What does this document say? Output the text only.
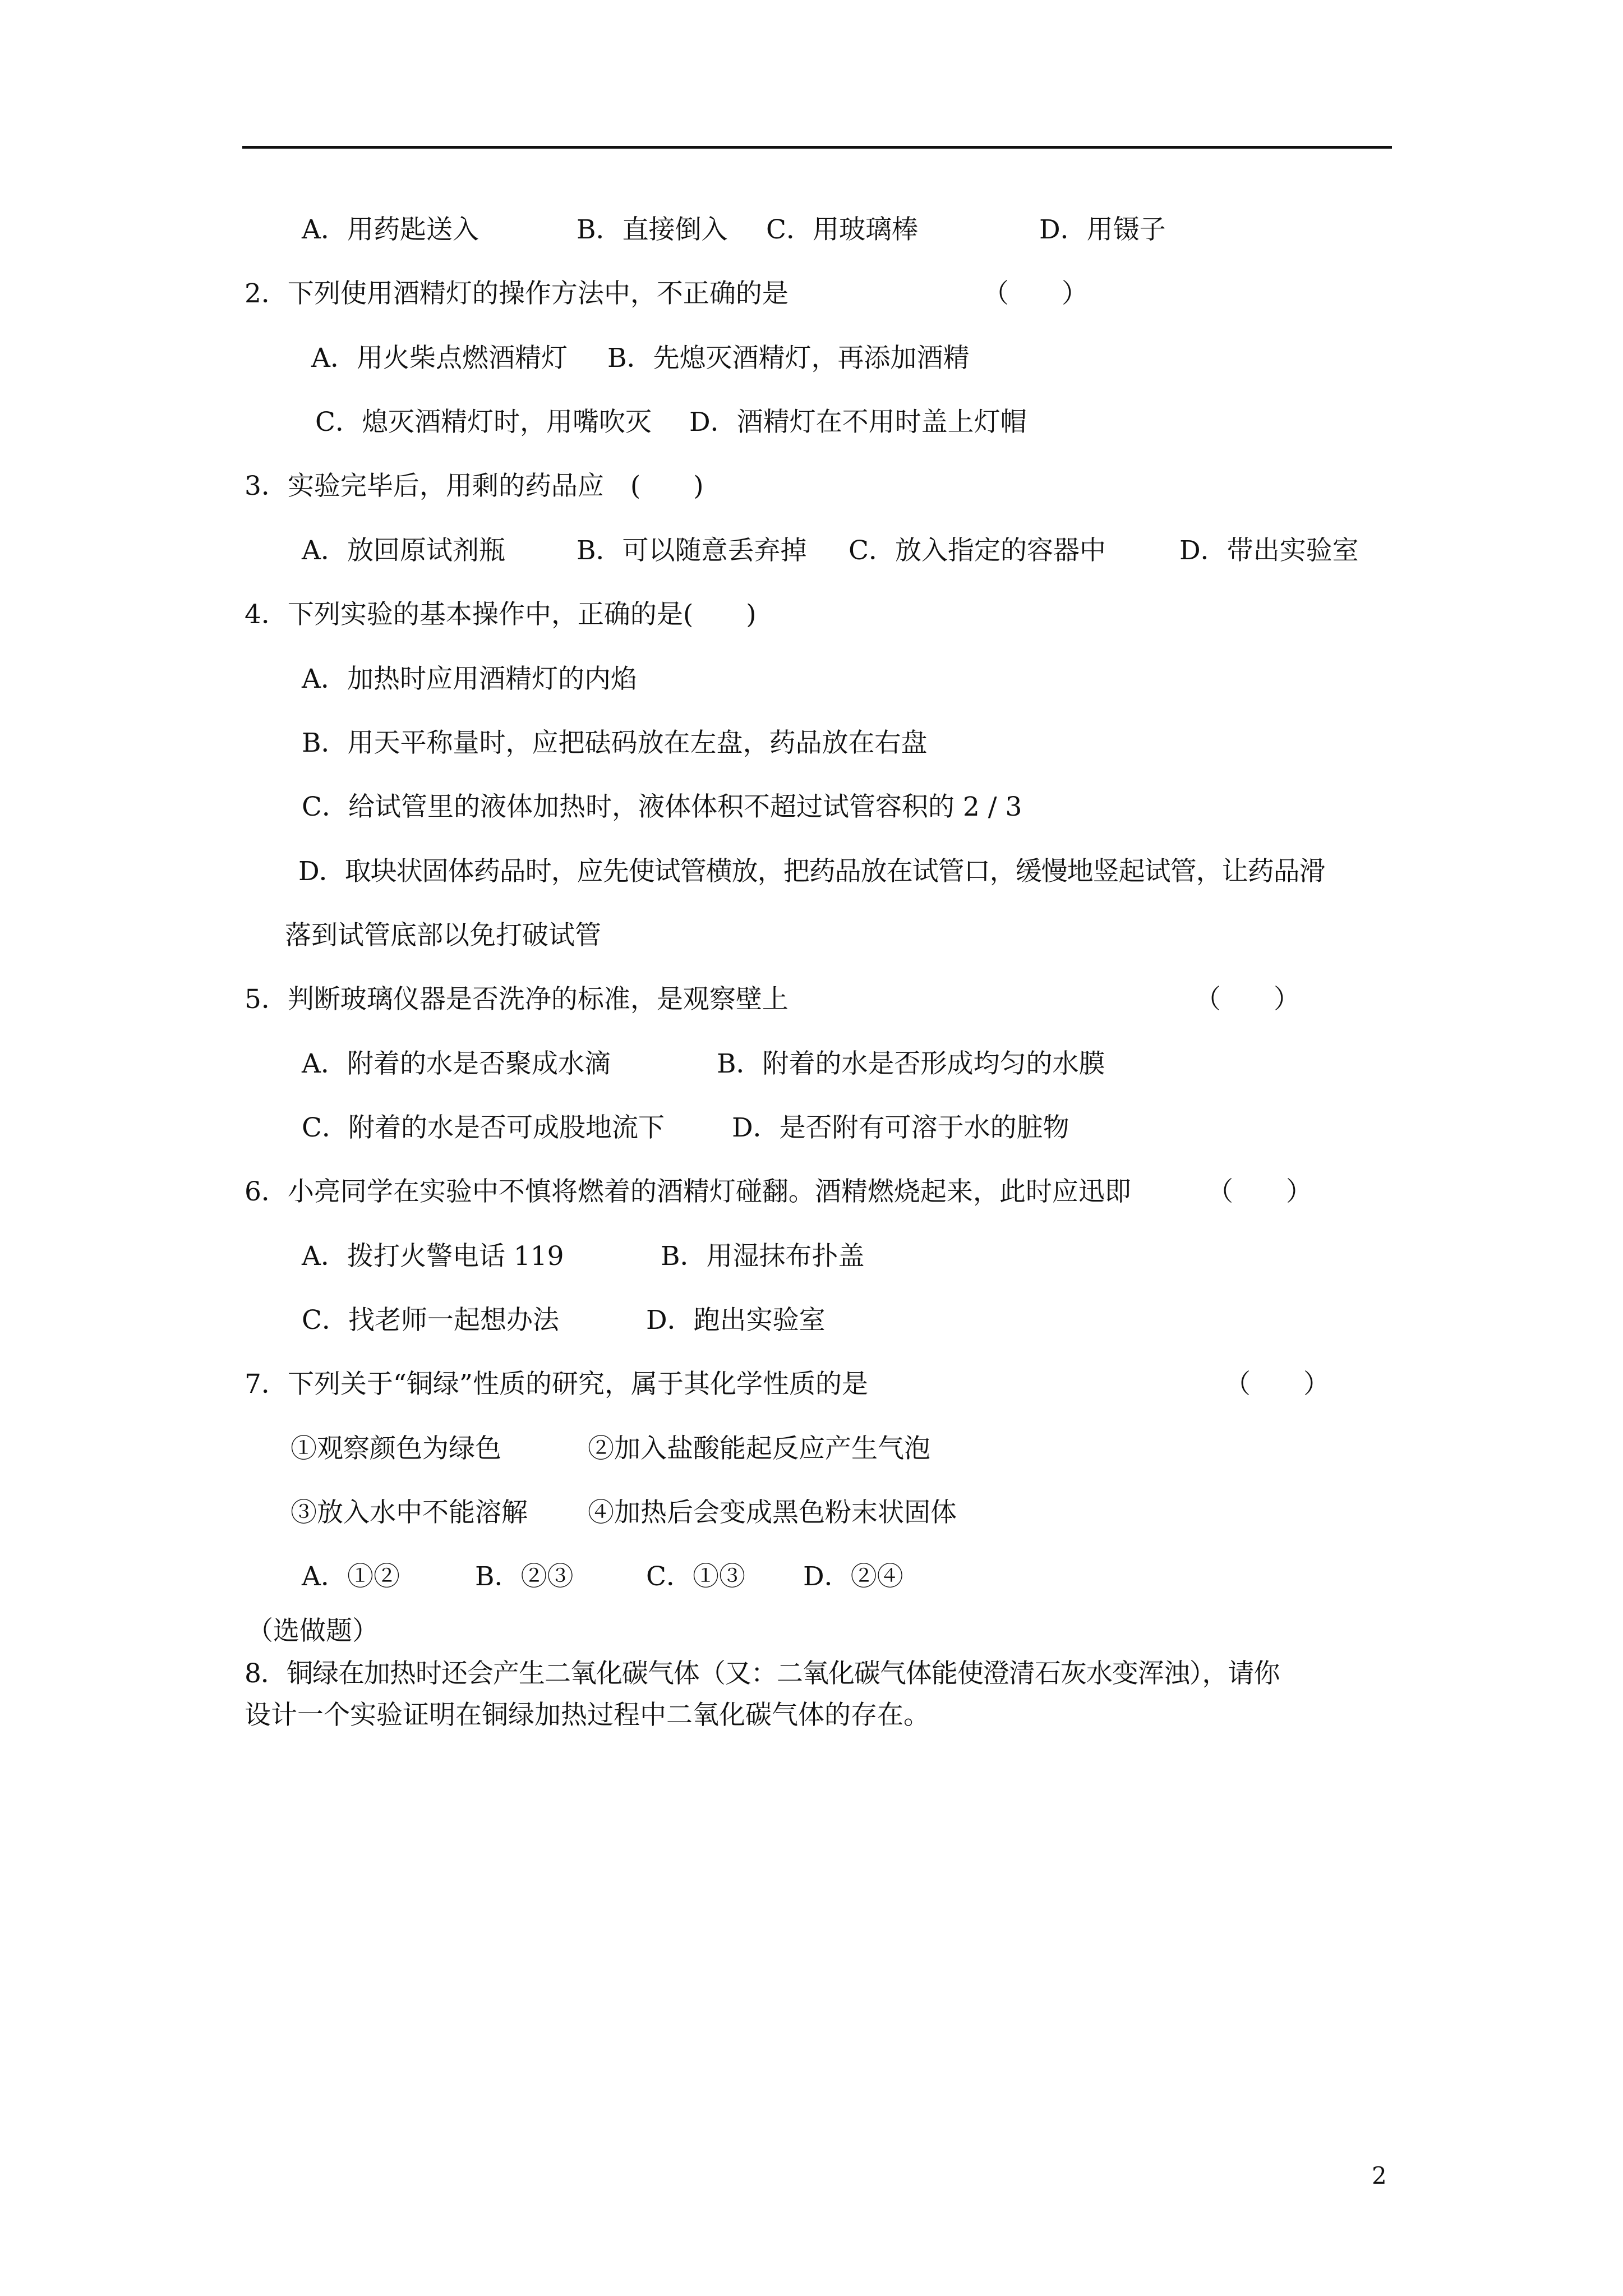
A．用药匙送入

	B．直接倒入

C．用玻璃棒

	D．用镊子

2．下列使用酒精灯的操作方法中，不正确的是

	（　　）

A．用火柴点燃酒精灯

B．先熄灭酒精灯，再添加酒精

C．熄灭酒精灯时，用嘴吹灭

D．酒精灯在不用时盖上灯帽

3．实验完毕后，用剩的药品应　(　　)

A．放回原试剂瓶

	B．可以随意丢弃掉

C．放入指定的容器中

	D．带出实验室

4．下列实验的基本操作中，正确的是(　　)

A．加热时应用酒精灯的内焰

B．用天平称量时，应把砝码放在左盘，药品放在右盘

C．给试管里的液体加热时，液体体积不超过试管容积的 2 / 3

D．取块状固体药品时，应先使试管横放，把药品放在试管口，缓慢地竖起试管，让药品滑

落到试管底部以免打破试管

5．判断玻璃仪器是否洗净的标准，是观察壁上

	（　　）

A．附着的水是否聚成水滴

	B．附着的水是否形成均匀的水膜

C．附着的水是否可成股地流下

	D．是否附有可溶于水的脏物

6．小亮同学在实验中不慎将燃着的酒精灯碰翻。酒精燃烧起来，此时应迅即

	（　　）

A．拨打火警电话 119

	B．用湿抹布扑盖

C．找老师一起想办法

	D．跑出实验室

7．下列关于“铜绿”性质的研究，属于其化学性质的是

	（　　）

①观察颜色为绿色

	②加入盐酸能起反应产生气泡

③放入水中不能溶解

④加热后会变成黑色粉末状固体

A．①②

	B．②③

	C．①③

D．②④

（选做题）

8．铜绿在加热时还会产生二氧化碳气体（又：二氧化碳气体能使澄清石灰水变浑浊），请你

设计一个实验证明在铜绿加热过程中二氧化碳气体的存在。

2
